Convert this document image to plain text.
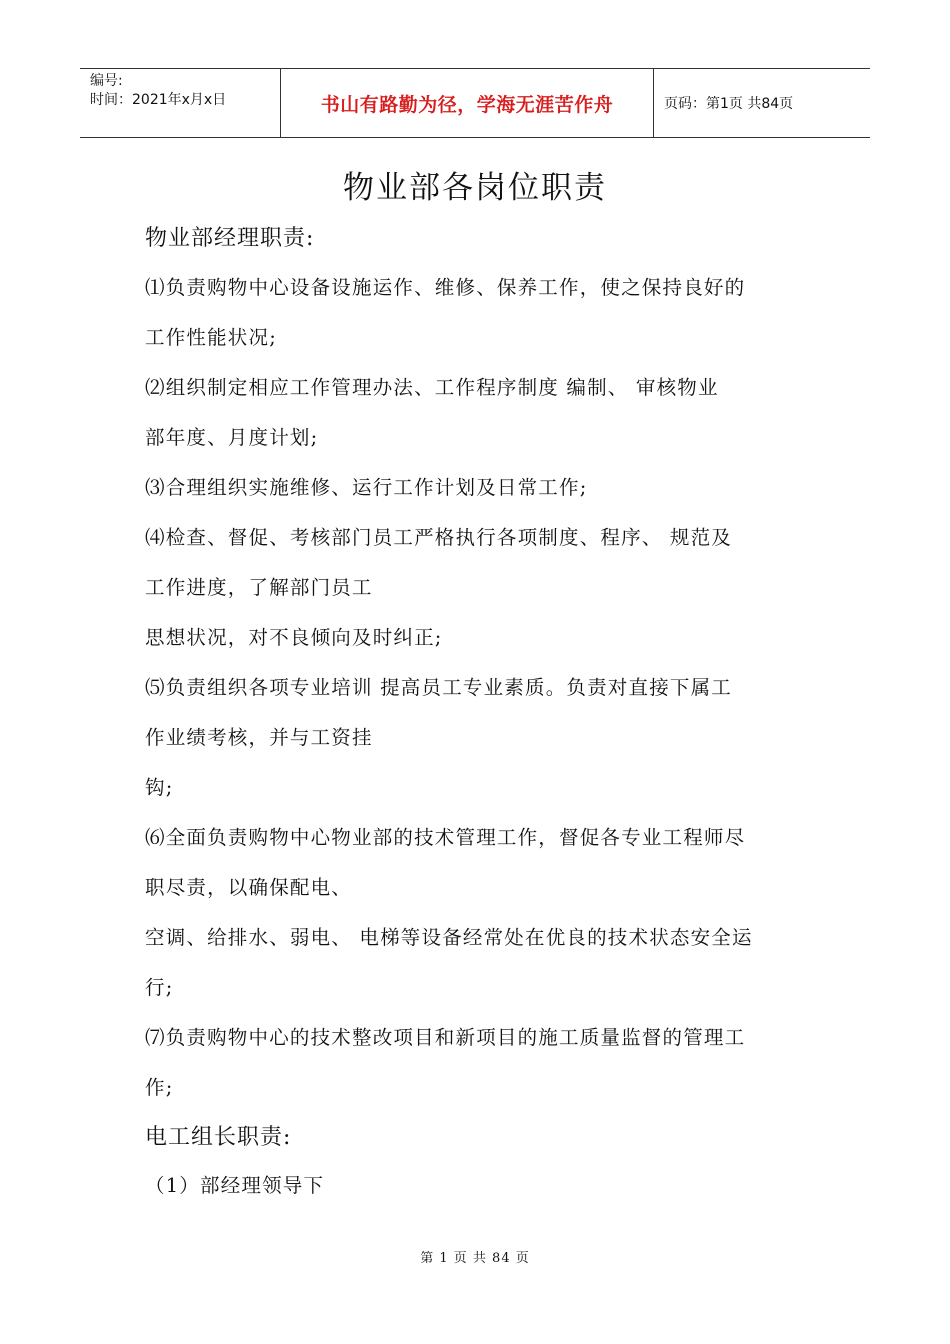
编号:
时间：2021年x月x日	书山有路勤为径，学海无涯苦作舟	页码：第1页 共84页
物业部各岗位职责
物业部经理职责:
⑴负责购物中心设备设施运作、维修、保养工作，使之保持良好的
工作性能状况;
⑵组织制定相应工作管理办法、工作程序制度 编制、 审核物业
部年度、月度计划;
⑶合理组织实施维修、运行工作计划及日常工作;
⑷检查、督促、考核部门员工严格执行各项制度、程序、 规范及
工作进度，了解部门员工
思想状况，对不良倾向及时纠正;
⑸负责组织各项专业培训 提高员工专业素质。负责对直接下属工
作业绩考核，并与工资挂
钩;
⑹全面负责购物中心物业部的技术管理工作，督促各专业工程师尽
职尽责，以确保配电、
空调、给排水、弱电、 电梯等设备经常处在优良的技术状态安全运
行;
⑺负责购物中心的技术整改项目和新项目的施工质量监督的管理工
作;
电工组长职责:
（1）部经理领导下
第 1 页 共 84 页
